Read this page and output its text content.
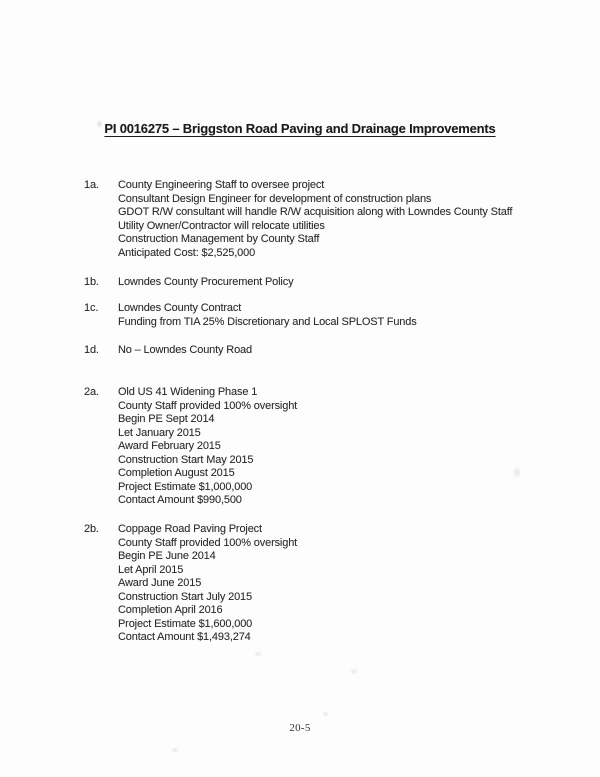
PI 0016275 – Briggston Road Paving and Drainage Improvements
1a.	County Engineering Staff to oversee project
Consultant Design Engineer for development of construction plans
GDOT R/W consultant will handle R/W acquisition along with Lowndes County Staff
Utility Owner/Contractor will relocate utilities
Construction Management by County Staff
Anticipated Cost: $2,525,000
1b.	Lowndes County Procurement Policy
1c.	Lowndes County Contract
Funding from TIA 25% Discretionary and Local SPLOST Funds
1d.	No – Lowndes County Road
2a.	Old US 41 Widening Phase 1
County Staff provided 100% oversight
Begin PE Sept 2014
Let January 2015
Award February 2015
Construction Start May 2015
Completion August 2015
Project Estimate $1,000,000
Contact Amount $990,500
2b.	Coppage Road Paving Project
County Staff provided 100% oversight
Begin PE June 2014
Let April 2015
Award June 2015
Construction Start July 2015
Completion April 2016
Project Estimate $1,600,000
Contact Amount $1,493,274
20-5
